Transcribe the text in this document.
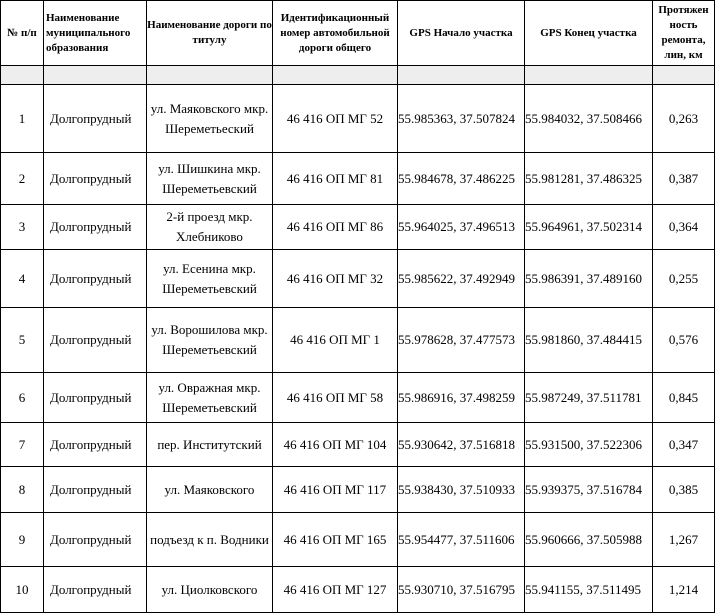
№ п/п	Наименование муниципального образования	Наименование дороги по титулу	Идентификационный номер автомобильной дороги общего	GPS Начало участка	GPS Конец участка	Протяжен ность ремонта, лин, км

1	Долгопрудный	ул. Маяковского мкр. Шереметьеский	46 416 ОП МГ 52	55.985363, 37.507824	55.984032, 37.508466	0,263
2	Долгопрудный	ул. Шишкина мкр. Шереметьевский	46 416 ОП МГ 81	55.984678, 37.486225	55.981281, 37.486325	0,387
3	Долгопрудный	2-й проезд мкр. Хлебниково	46 416 ОП МГ 86	55.964025, 37.496513	55.964961, 37.502314	0,364
4	Долгопрудный	ул. Есенина мкр. Шереметьевский	46 416 ОП МГ 32	55.985622, 37.492949	55.986391, 37.489160	0,255
5	Долгопрудный	ул. Ворошилова мкр. Шереметьевский	46 416 ОП МГ 1	55.978628, 37.477573	55.981860, 37.484415	0,576
6	Долгопрудный	ул. Овражная мкр. Шереметьевский	46 416 ОП МГ 58	55.986916, 37.498259	55.987249, 37.511781	0,845
7	Долгопрудный	пер. Институтский	46 416 ОП МГ 104	55.930642, 37.516818	55.931500, 37.522306	0,347
8	Долгопрудный	ул. Маяковского	46 416 ОП МГ 117	55.938430, 37.510933	55.939375, 37.516784	0,385
9	Долгопрудный	подъезд к п. Водники	46 416 ОП МГ 165	55.954477, 37.511606	55.960666, 37.505988	1,267
10	Долгопрудный	ул. Циолковского	46 416 ОП МГ 127	55.930710, 37.516795	55.941155, 37.511495	1,214
